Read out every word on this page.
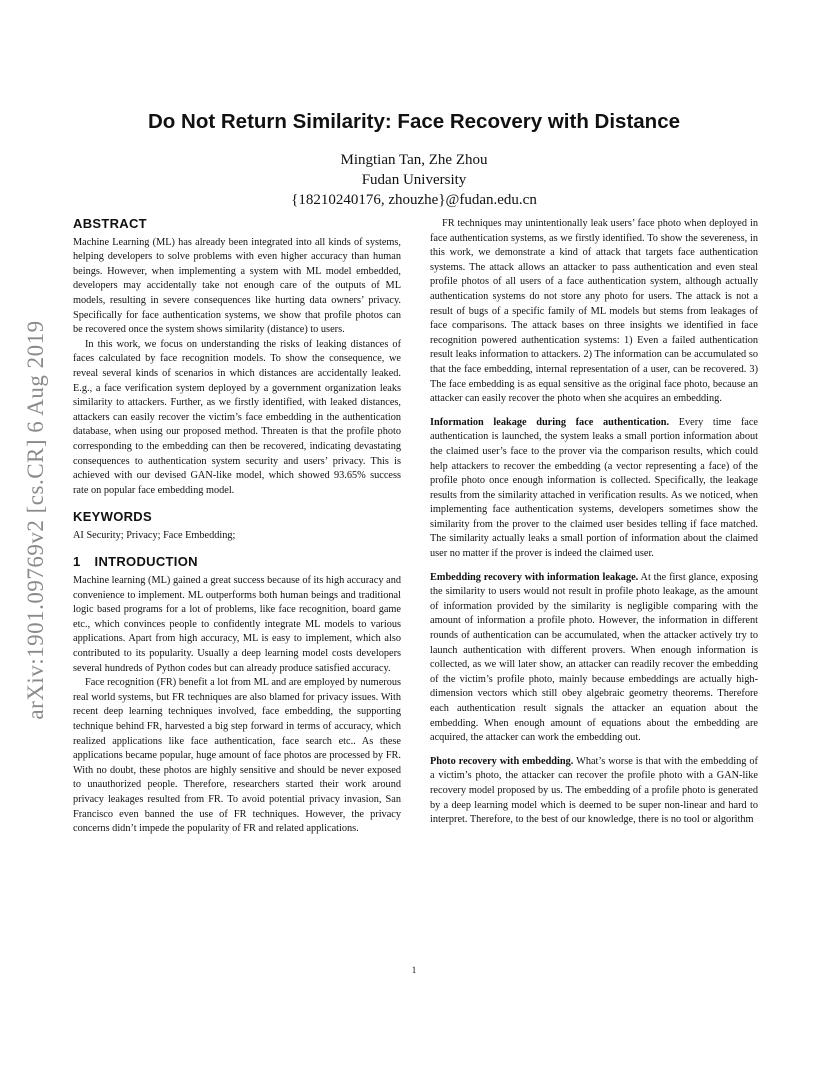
arXiv:1901.09769v2 [cs.CR] 6 Aug 2019
Do Not Return Similarity: Face Recovery with Distance
Mingtian Tan, Zhe Zhou
Fudan University
{18210240176, zhouzhe}@fudan.edu.cn
ABSTRACT

Machine Learning (ML) has already been integrated into all kinds of systems, helping developers to solve problems with even higher accuracy than human beings. However, when implementing a system with ML model embedded, developers may accidentally take not enough care of the outputs of ML models, resulting in severe consequences like hurting data owners’ privacy. Specifically for face authentication systems, we show that profile photos can be recovered once the system shows similarity (distance) to users.

In this work, we focus on understanding the risks of leaking distances of faces calculated by face recognition models. To show the consequence, we reveal several kinds of scenarios in which distances are accidentally leaked. E.g., a face verification system deployed by a government organization leaks similarity to attackers. Further, as we firstly identified, with leaked distances, attackers can easily recover the victim’s face embedding in the authentication database, when using our proposed method. Threaten is that the profile photo corresponding to the embedding can then be recovered, indicating devastating consequences to authentication system security and users’ privacy. This is achieved with our devised GAN-like model, which showed 93.65% success rate on popular face embedding model.

KEYWORDS

AI Security; Privacy; Face Embedding;

1 INTRODUCTION

Machine learning (ML) gained a great success because of its high accuracy and convenience to implement. ML outperforms both human beings and traditional logic based programs for a lot of problems, like face recognition, board game etc., which convinces people to confidently integrate ML models to various applications. Apart from high accuracy, ML is easy to implement, which also contributed to its popularity. Usually a deep learning model costs developers several hundreds of Python codes but can already produce satisfied accuracy.

Face recognition (FR) benefit a lot from ML and are employed by numerous real world systems, but FR techniques are also blamed for privacy issues. With recent deep learning techniques involved, face embedding, the supporting technique behind FR, harvested a big step forward in terms of accuracy, which realized applications like face authentication, face search etc.. As these applications became popular, huge amount of face photos are processed by FR. With no doubt, these photos are highly sensitive and should be never exposed to unauthorized people. Therefore, researchers started their work around privacy leakages resulted from FR. To avoid potential privacy invasion, San Francisco even banned the use of FR techniques. However, the privacy concerns didn’t impede the popularity of FR and related applications.

FR techniques may unintentionally leak users’ face photo when deployed in face authentication systems, as we firstly identified. To show the severeness, in this work, we demonstrate a kind of attack that targets face authentication systems. The attack allows an attacker to pass authentication and even steal profile photos of all users of a face authentication system, although actually authentication systems do not store any photo for users. The attack is not a result of bugs of a specific family of ML models but stems from leakages of face comparisons. The attack bases on three insights we identified in face recognition powered authentication systems: 1) Even a failed authentication result leaks information to attackers. 2) The information can be accumulated so that the face embedding, internal representation of a user, can be recovered. 3) The face embedding is as equal sensitive as the original face photo, because an attacker can easily recover the photo when she acquires an embedding.

Information leakage during face authentication. Every time face authentication is launched, the system leaks a small portion information about the claimed user’s face to the prover via the comparison results, which could help attackers to recover the embedding (a vector representing a face) of the profile photo once enough information is collected. Specifically, the leakage results from the similarity attached in verification results. As we noticed, when implementing face authentication systems, developers sometimes show the similarity from the prover to the claimed user besides telling if face matched. The similarity actually leaks a small portion of information about the claimed user no matter if the prover is indeed the claimed user.

Embedding recovery with information leakage. At the first glance, exposing the similarity to users would not result in profile photo leakage, as the amount of information provided by the similarity is negligible comparing with the amount of information a profile photo. However, the information in different rounds of authentication can be accumulated, when the attacker actively try to launch authentication with different provers. When enough information is collected, as we will later show, an attacker can readily recover the embedding of the victim’s profile photo, mainly because embeddings are actually high-dimension vectors which still obey algebraic geometry theorems. Therefore each authentication result signals the attacker an equation about the embedding. When enough amount of equations about the embedding are acquired, the attacker can work the embedding out.

Photo recovery with embedding. What’s worse is that with the embedding of a victim’s photo, the attacker can recover the profile photo with a GAN-like recovery model proposed by us. The embedding of a profile photo is generated by a deep learning model which is deemed to be super non-linear and hard to interpret. Therefore, to the best of our knowledge, there is no tool or algorithm

1
